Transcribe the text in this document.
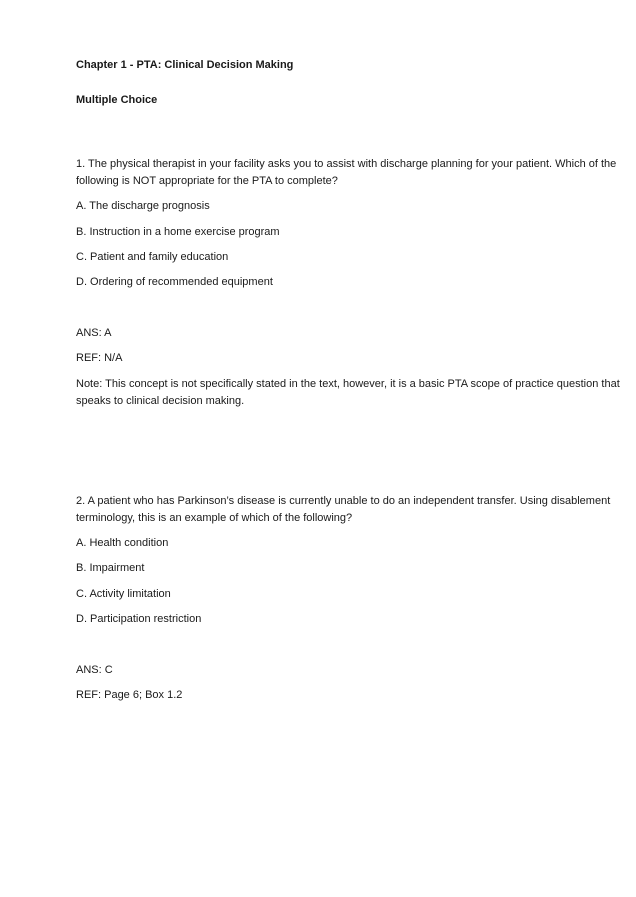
Chapter 1 - PTA: Clinical Decision Making
Multiple Choice

1. The physical therapist in your facility asks you to assist with discharge planning for your patient. Which of the following is NOT appropriate for the PTA to complete?

A. The discharge prognosis

B. Instruction in a home exercise program

C. Patient and family education

D. Ordering of recommended equipment

ANS: A

REF: N/A

Note: This concept is not specifically stated in the text, however, it is a basic PTA scope of practice question that speaks to clinical decision making.

2. A patient who has Parkinson’s disease is currently unable to do an independent transfer. Using disablement terminology, this is an example of which of the following?

A. Health condition

B. Impairment

C. Activity limitation

D. Participation restriction

ANS: C

REF: Page 6; Box 1.2
